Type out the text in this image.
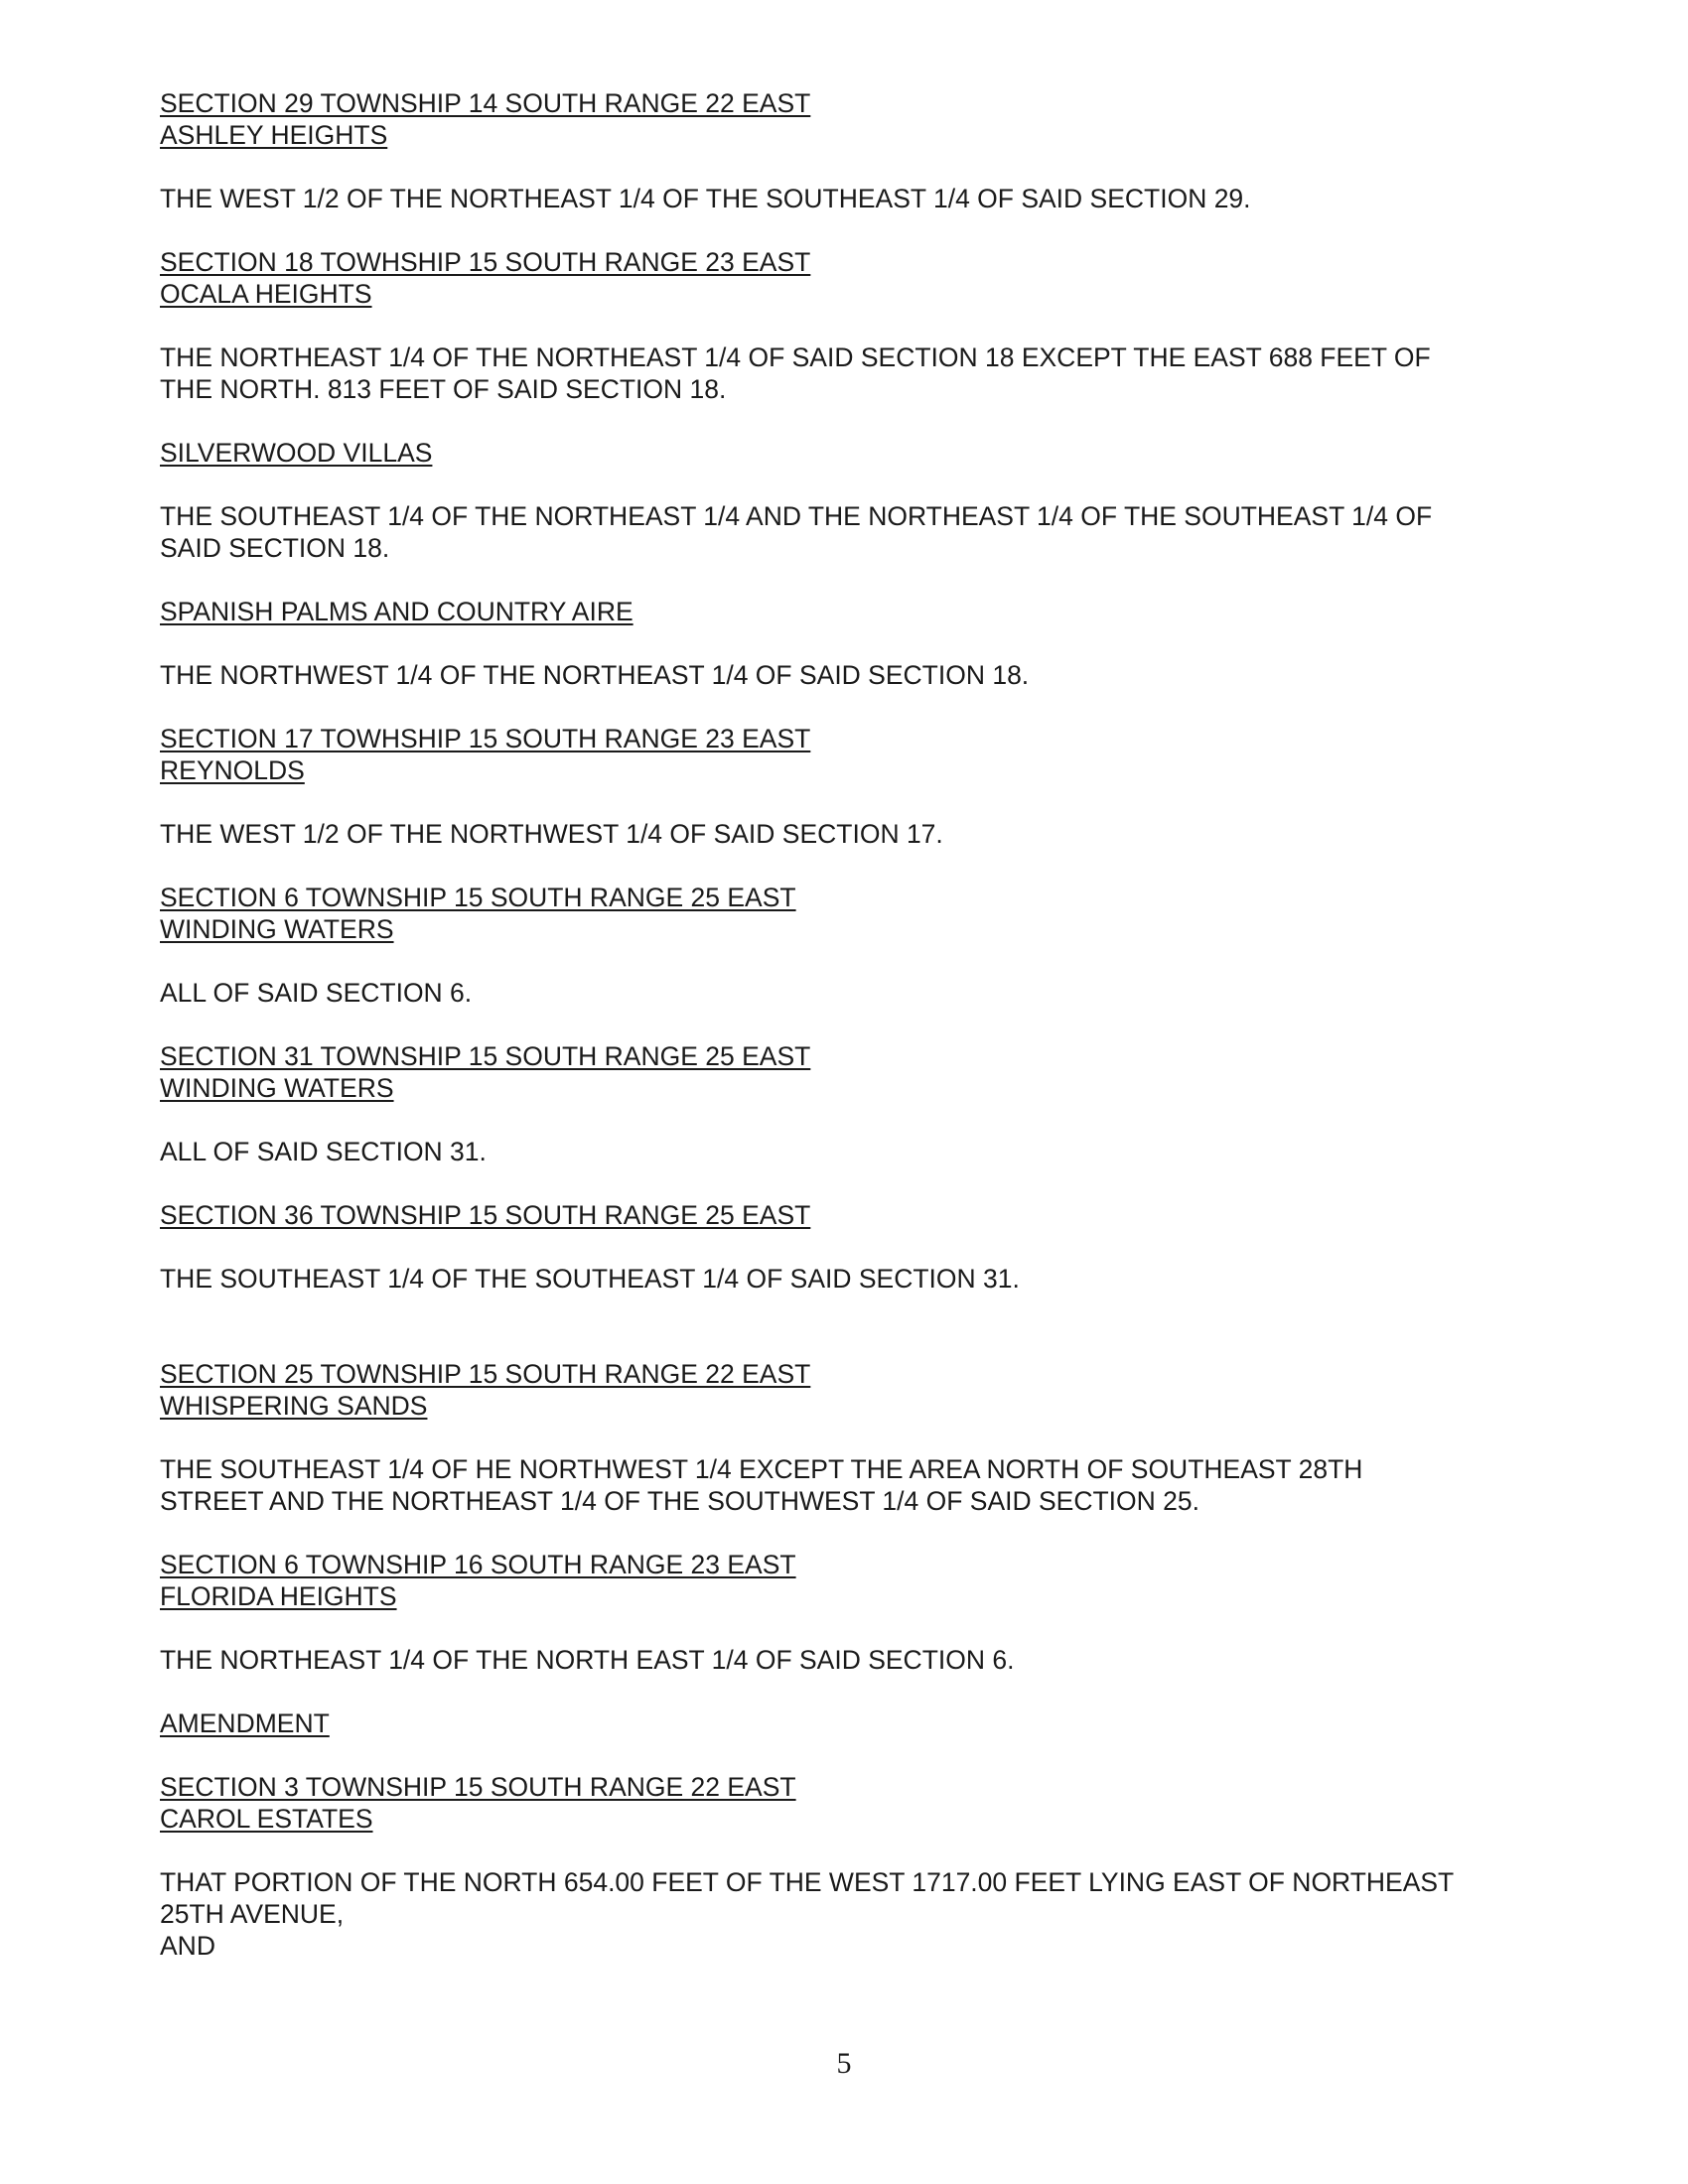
SECTION 29 TOWNSHIP 14 SOUTH RANGE 22 EAST
ASHLEY HEIGHTS
THE WEST 1/2 OF THE NORTHEAST 1/4 OF THE SOUTHEAST 1/4 OF SAID SECTION 29.
SECTION 18 TOWHSHIP 15 SOUTH RANGE 23 EAST
OCALA HEIGHTS
THE NORTHEAST 1/4 OF THE NORTHEAST 1/4 OF SAID SECTION 18 EXCEPT THE EAST 688 FEET OF
THE NORTH. 813 FEET OF SAID SECTION 18.
SILVERWOOD VILLAS
THE SOUTHEAST 1/4 OF THE NORTHEAST 1/4 AND THE NORTHEAST 1/4 OF THE SOUTHEAST 1/4 OF
SAID SECTION 18.
SPANISH PALMS AND COUNTRY AIRE
THE NORTHWEST 1/4 OF THE NORTHEAST 1/4 OF SAID SECTION 18.
SECTION 17 TOWHSHIP 15 SOUTH RANGE 23 EAST
REYNOLDS
THE WEST 1/2 OF THE NORTHWEST 1/4 OF SAID SECTION 17.
SECTION 6 TOWNSHIP 15 SOUTH RANGE 25 EAST
WINDING WATERS
ALL OF SAID SECTION 6.
SECTION 31 TOWNSHIP 15 SOUTH RANGE 25 EAST
WINDING WATERS
ALL OF SAID SECTION 31.
SECTION 36 TOWNSHIP 15 SOUTH RANGE 25 EAST
THE SOUTHEAST 1/4 OF THE SOUTHEAST 1/4 OF SAID SECTION 31.
SECTION 25 TOWNSHIP 15 SOUTH RANGE 22 EAST
WHISPERING SANDS
THE SOUTHEAST 1/4 OF HE NORTHWEST 1/4 EXCEPT THE AREA NORTH OF SOUTHEAST 28TH
STREET AND THE NORTHEAST 1/4 OF THE SOUTHWEST 1/4 OF SAID SECTION 25.
SECTION 6 TOWNSHIP 16 SOUTH RANGE 23 EAST
FLORIDA HEIGHTS
THE NORTHEAST 1/4 OF THE NORTH EAST 1/4 OF SAID SECTION 6.
AMENDMENT
SECTION 3 TOWNSHIP 15 SOUTH RANGE 22 EAST
CAROL ESTATES
THAT PORTION OF THE NORTH 654.00 FEET OF THE WEST 1717.00 FEET LYING EAST OF NORTHEAST
25TH AVENUE,
AND
5
